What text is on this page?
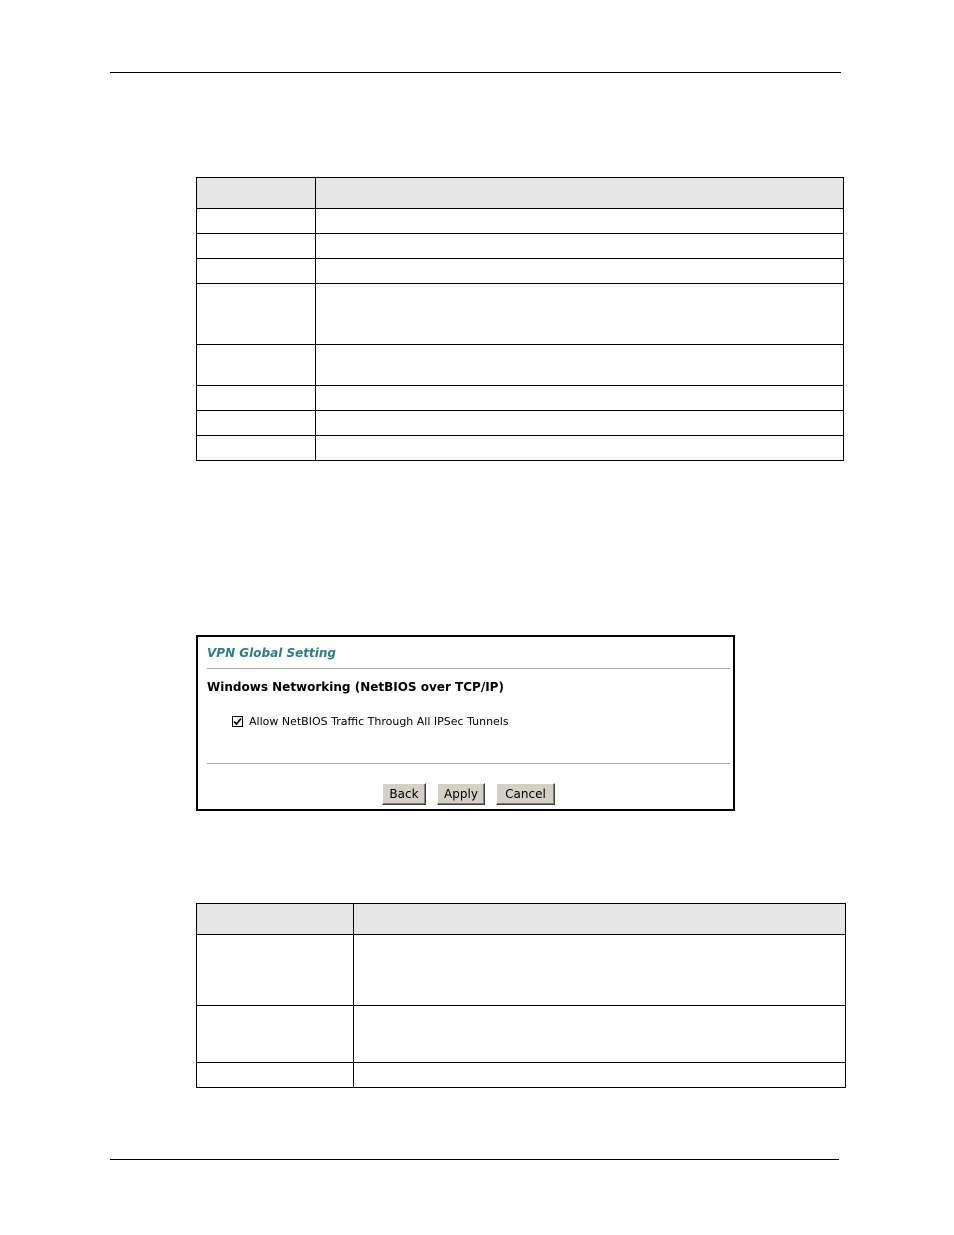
VPN Global Setting
Windows Networking (NetBIOS over TCP/IP)
Allow NetBIOS Traffic Through All IPSec Tunnels
Back	Apply	Cancel
